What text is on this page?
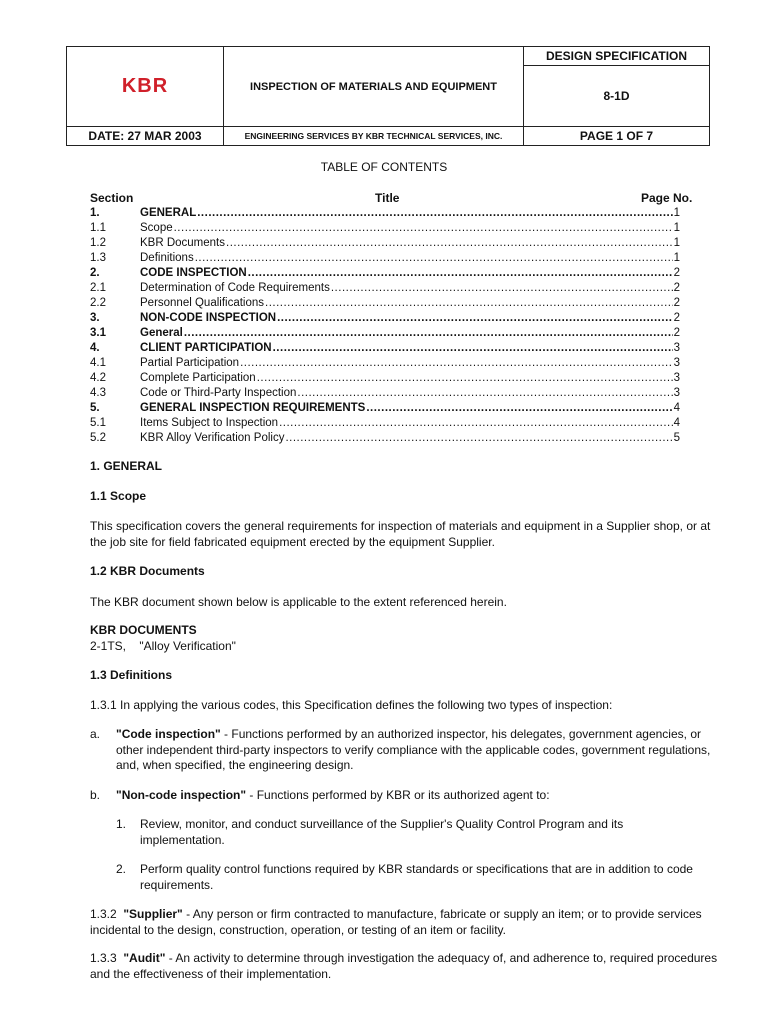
KBR	INSPECTION OF MATERIALS AND EQUIPMENT
DESIGN SPECIFICATION
8-1D
DATE: 27 MAR 2003	ENGINEERING SERVICES BY KBR TECHNICAL SERVICES, INC.	PAGE 1 OF 7
TABLE OF CONTENTS
Section	Title	Page No.
1.	GENERAL .....	1
1.1	Scope .....	1
1.2	KBR Documents .....	1
1.3	Definitions .....	1
2.	CODE INSPECTION .....	2
2.1	Determination of Code Requirements .....	2
2.2	Personnel Qualifications .....	2
3.	NON-CODE INSPECTION .....	2
3.1	General .....	2
4.	CLIENT PARTICIPATION .....	3
4.1	Partial Participation .....	3
4.2	Complete Participation .....	3
4.3	Code or Third-Party Inspection .....	3
5.	GENERAL INSPECTION REQUIREMENTS .....	4
5.1	Items Subject to Inspection .....	4
5.2	KBR Alloy Verification Policy .....	5
1. GENERAL
1.1 Scope
This specification covers the general requirements for inspection of materials and equipment in a Supplier shop, or at the job site for field fabricated equipment erected by the equipment Supplier.
1.2 KBR Documents
The KBR document shown below is applicable to the extent referenced herein.
KBR DOCUMENTS
2-1TS,    "Alloy Verification"
1.3 Definitions
1.3.1 In applying the various codes, this Specification defines the following two types of inspection:
a. "Code inspection" - Functions performed by an authorized inspector, his delegates, government agencies, or other independent third-party inspectors to verify compliance with the applicable codes, government regulations, and, when specified, the engineering design.
b. "Non-code inspection" - Functions performed by KBR or its authorized agent to:
1. Review, monitor, and conduct surveillance of the Supplier's Quality Control Program and its implementation.
2. Perform quality control functions required by KBR standards or specifications that are in addition to code requirements.
1.3.2  "Supplier" - Any person or firm contracted to manufacture, fabricate or supply an item; or to provide services incidental to the design, construction, operation, or testing of an item or facility.
1.3.3  "Audit" - An activity to determine through investigation the adequacy of, and adherence to, required procedures and the effectiveness of their implementation.
